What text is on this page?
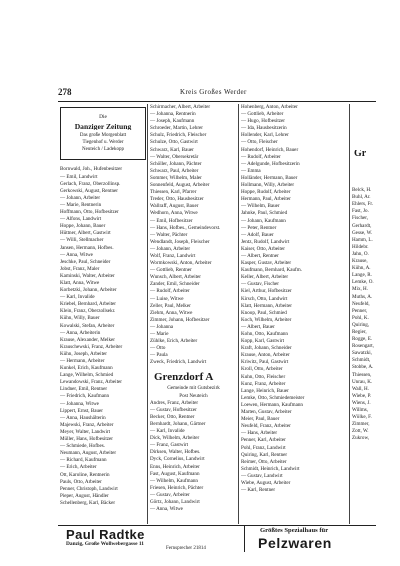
278	Kreis Großes Werder
Die
Danziger Zeitung
Das große Morgenblatt
Tiegenhof u. Werder
Neuteich / Ladekopp
Bornwald, Joh., Hufenbesitzer
— Emil, Landwirt
Gerlach, Franz, Oberzollinsp.
Gerkowski, August, Rentner
— Johann, Arbeiter
— Marie, Rentnerin
Hoffmann, Otto, Hofbesitzer
— Alfons, Landwirt
Hoppe, Johann, Bauer
Hüttner, Albert, Gastwirt
— Willi, Stellmacher
Jansen, Hermann, Hofbes.
— Anna, Witwe
Jeschke, Paul, Schneider
Jobst, Franz, Maler
Kaminski, Walter, Arbeiter
Klatt, Anna, Witwe
Korbetzki, Johann, Arbeiter
— Karl, Invalide
Kriebel, Bernhard, Arbeiter
Klein, Franz, Oberzollsekr.
Kühn, Willy, Bauer
Kowalski, Stefan, Arbeiter
— Anna, Arbeiterin
Krause, Alexander, Melker
Krauschewski, Franz, Arbeiter
Kühn, Joseph, Arbeiter
— Hermann, Arbeiter
Kunkel, Erich, Kaufmann
Lange, Wilhelm, Schmied
Lewandowski, Franz, Arbeiter
Lindner, Emil, Rentner
— Friedrich, Kaufmann
— Johanna, Witwe
Lippert, Ernst, Bauer
— Anna, Haushälterin
Majewski, Franz, Arbeiter
Meyer, Walter, Landwirt
Müller, Hans, Hofbesitzer
— Schmiede, Hofbes.
Neumann, August, Arbeiter
— Richard, Kaufmann
— Erich, Arbeiter
Ott, Karoline, Rentnerin
Pauls, Otto, Arbeiter
Penner, Christoph, Landwirt
Pieper, August, Händler
Schellenberg, Karl, Bäcker
Schirmacher, Albert, Arbeiter
— Johanna, Rentnerin
— Joseph, Kaufmann
Schroeder, Martin, Lehrer
Schulz, Friedrich, Fleischer
Schulze, Otto, Gastwirt
Schwarz, Karl, Bauer
— Walter, Obersekretär
Schöller, Johann, Pächter
Schwarz, Paul, Arbeiter
Sommer, Wilhelm, Maler
Sonnenfeld, August, Arbeiter
Thiessen, Karl, Pfarrer
Treder, Otto, Hausbesitzer
Wallraff, August, Bauer
Wedhorn, Anna, Witwe
— Emil, Hofbesitzer
— Hans, Hofbes., Gemeindevorst.
— Walter, Pächter
Wendlandt, Joseph, Fleischer
— Johann, Arbeiter
Wolf, Franz, Landwirt
Wormkowski, Anton, Arbeiter
— Gottlieb, Rentner
Wunsch, Albert, Arbeiter
Zander, Emil, Schneider
— Rudolf, Arbeiter
— Luise, Witwe
Zeller, Paul, Melker
Ziehm, Anna, Witwe
Zimmer, Johann, Hofbesitzer
— Johanna
— Marie
Zühlke, Erich, Arbeiter
— Otto
— Paula
Zweck, Friedrich, Landwirt
Grenzdorf A
Gemeinde mit Gutsbezirk
Post Neuteich
Andres, Franz, Arbeiter
— Gustav, Hofbesitzer
Becker, Otto, Rentner
Bernhardt, Johann, Gärtner
— Karl, Invalide
Dick, Wilhelm, Arbeiter
— Franz, Gastwirt
Dirksen, Walter, Hofbes.
Dyck, Cornelius, Landwirt
Enns, Heinrich, Arbeiter
Fast, August, Kaufmann
— Wilhelm, Kaufmann
Friesen, Heinrich, Pächter
— Gustav, Arbeiter
Görtz, Johann, Landwirt
— Anna, Witwe
Hohenberg, Anton, Arbeiter
— Gottlieb, Arbeiter
— Hugo, Hofbesitzer
— Ida, Hausbesitzerin
Hollender, Karl, Lehrer
— Otto, Fleischer
Hohendorf, Heinrich, Bauer
— Rudolf, Arbeiter
— Adelgunde, Hofbesitzerin
— Emma
Holländer, Hermann, Bauer
Hollmann, Willy, Arbeiter
Hoppe, Rudolf, Arbeiter
Hermann, Paul, Arbeiter
— Wilhelm, Bauer
Jahnke, Paul, Schmied
— Johann, Kaufmann
— Peter, Rentner
— Adolf, Bauer
Jentz, Rudolf, Landwirt
Kaiser, Otto, Arbeiter
— Albert, Rentner
Kasper, Gustav, Arbeiter
Kaufmann, Bernhard, Kaufm.
Keller, Albert, Arbeiter
— Gustav, Fischer
Kiel, Arthur, Hofbesitzer
Kirsch, Otto, Landwirt
Klatt, Hermann, Arbeiter
Knoop, Paul, Schmied
Koch, Wilhelm, Arbeiter
— Albert, Bauer
Kohn, Otto, Kaufmann
Kopp, Karl, Gastwirt
Kraft, Johann, Schneider
Krause, Anton, Arbeiter
Kriwitz, Paul, Gastwirt
Kroll, Otto, Arbeiter
Kuhn, Otto, Fleischer
Kunz, Franz, Arbeiter
Lange, Heinrich, Bauer
Lemke, Otto, Schmiedemeister
Loewen, Hermann, Kaufmann
Marten, Gustav, Arbeiter
Meier, Paul, Bauer
Neufeld, Franz, Arbeiter
— Hans, Arbeiter
Penner, Karl, Arbeiter
Pohl, Franz, Landwirt
Quiring, Karl, Rentner
Reimer, Otto, Arbeiter
Schmidt, Heinrich, Landwirt
— Gustav, Landwirt
Wiebe, August, Arbeiter
— Karl, Rentner
Gr
Belck, H.
Buhl, Ar.
Ehlers, Fr.
Fast, Jo.
Fischer,
Gerhardt,
Gesse, W.
Hamm, L.
Hildebr.
Jahn, O.
Krause,
Kühn, A.
Lange, R.
Lemke, O.
Mix, H.
Muths, A.
Neufeld,
Penner,
Pohl, K.
Quiring,
Regier,
Rogge, E.
Rosengart,
Sawatzki,
Schmidt,
Stobbe, A.
Thiessen,
Unrau, K.
Wall, H.
Wiebe, P.
Wiens, J.
Willms,
Wölke, F.
Zimmer,
Zott, W.
Zukrow,
Paul Radtke
Danzig, Große Wollwebergasse 11
Fernsprecher 21814
Größtes Spezialhaus für
Pelzwaren
